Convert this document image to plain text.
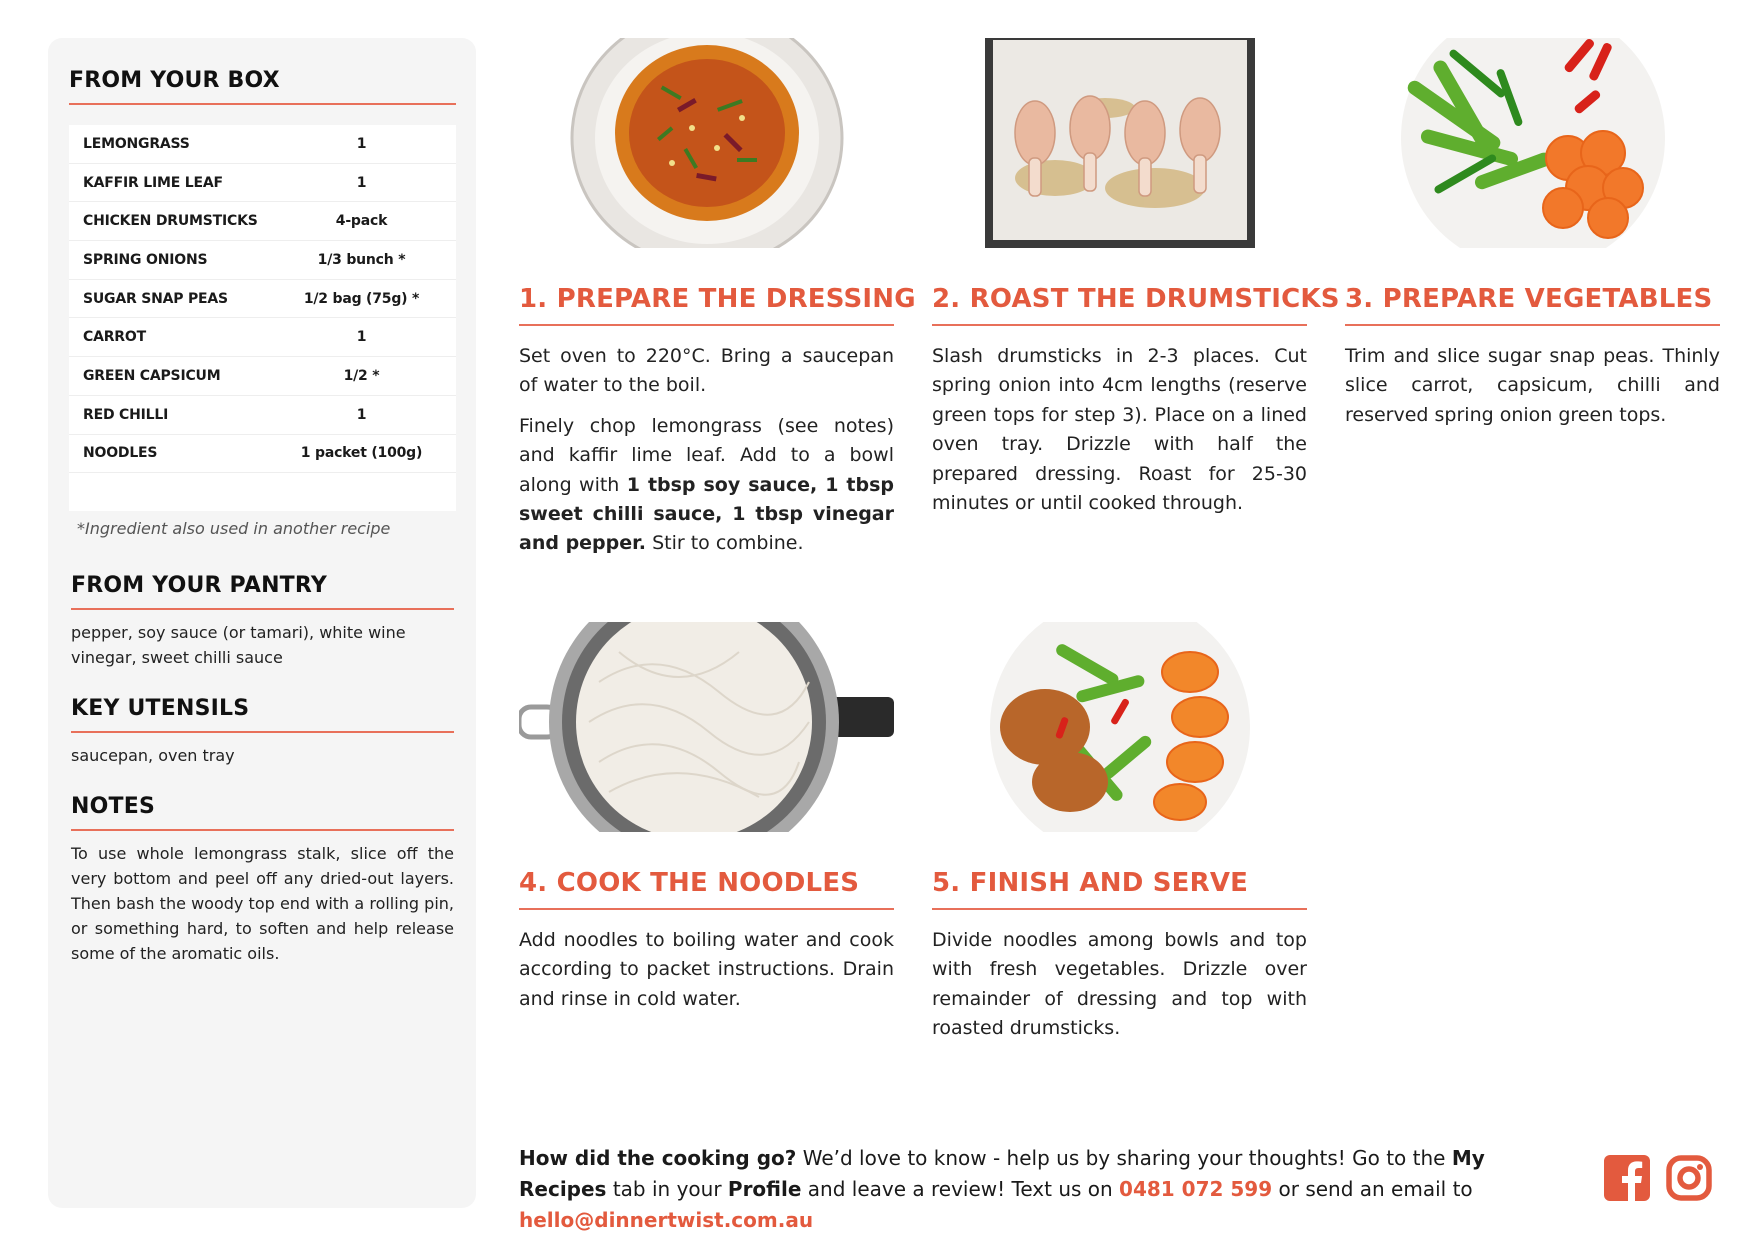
FROM YOUR BOX
LEMONGRASS	1
KAFFIR LIME LEAF	1
CHICKEN DRUMSTICKS	4-pack
SPRING ONIONS	1/3 bunch *
SUGAR SNAP PEAS	1/2 bag (75g) *
CARROT	1
GREEN CAPSICUM	1/2 *
RED CHILLI	1
NOODLES	1 packet (100g)
*Ingredient also used in another recipe
FROM YOUR PANTRY
pepper, soy sauce (or tamari), white wine vinegar, sweet chilli sauce
KEY UTENSILS
saucepan, oven tray
NOTES
To use whole lemongrass stalk, slice off the very bottom and peel off any dried-out layers. Then bash the woody top end with a rolling pin, or something hard, to soften and help release some of the aromatic oils.
1. PREPARE THE DRESSING

Set oven to 220°C. Bring a saucepan of water to the boil.

Finely chop lemongrass (see notes) and kaffir lime leaf. Add to a bowl along with 1 tbsp soy sauce, 1 tbsp sweet chilli sauce, 1 tbsp vinegar and pepper. Stir to combine.

2. ROAST THE DRUMSTICKS

Slash drumsticks in 2-3 places. Cut spring onion into 4cm lengths (reserve green tops for step 3). Place on a lined oven tray. Drizzle with half the prepared dressing. Roast for 25-30 minutes or until cooked through.

3. PREPARE VEGETABLES

Trim and slice sugar snap peas. Thinly slice carrot, capsicum, chilli and reserved spring onion green tops.

4. COOK THE NOODLES

Add noodles to boiling water and cook according to packet instructions. Drain and rinse in cold water.

5. FINISH AND SERVE

Divide noodles among bowls and top with fresh vegetables. Drizzle over remainder of dressing and top with roasted drumsticks.

How did the cooking go? We’d love to know - help us by sharing your thoughts! Go to the My Recipes tab in your Profile and leave a review! Text us on 0481 072 599 or send an email to hello@dinnertwist.com.au
